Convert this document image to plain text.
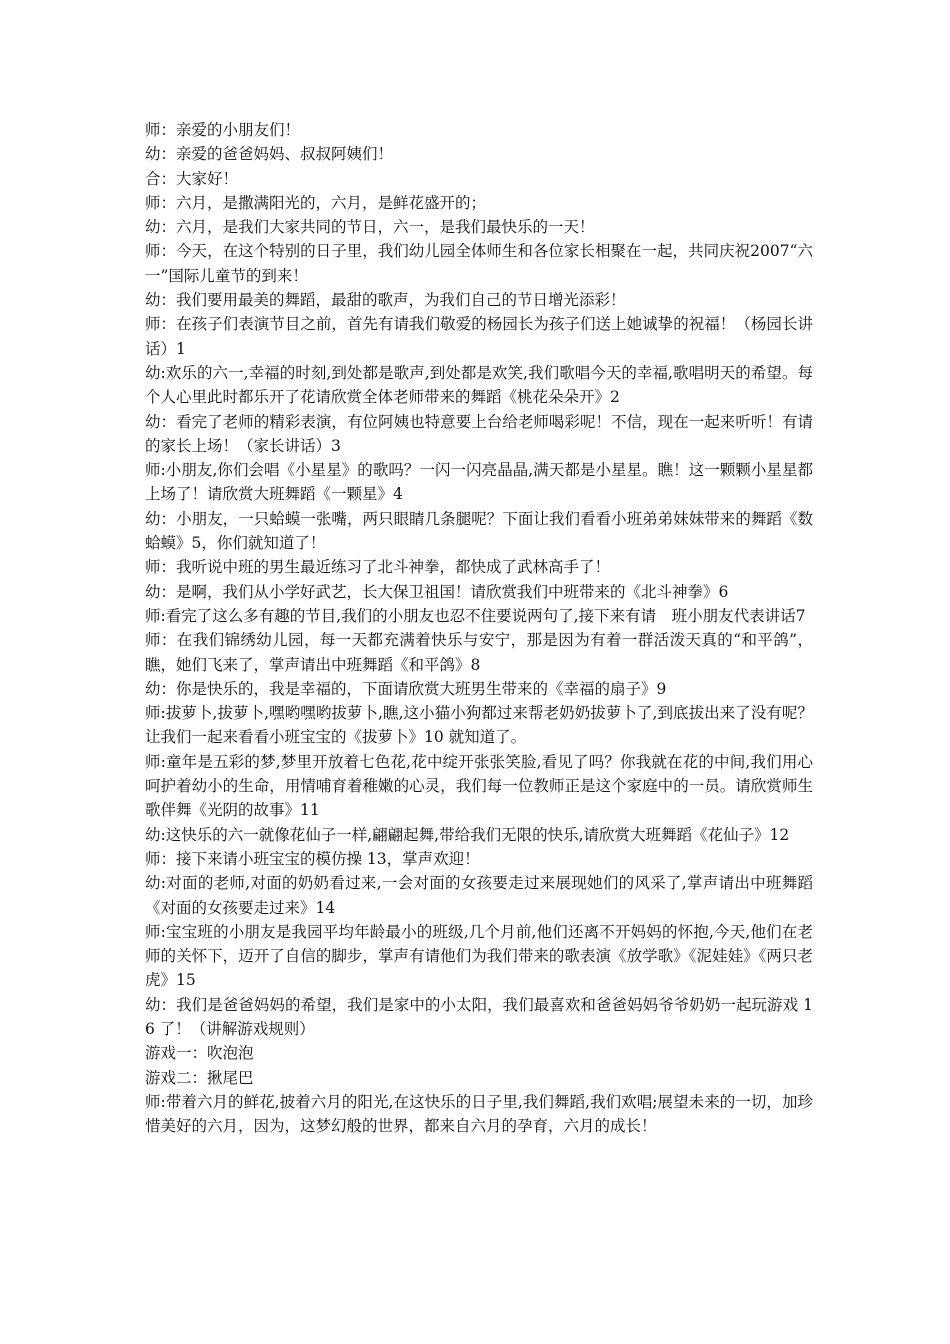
师：亲爱的小朋友们！

幼：亲爱的爸爸妈妈、叔叔阿姨们！

合：大家好！

师：六月，是撒满阳光的，六月，是鲜花盛开的；

幼：六月，是我们大家共同的节日，六一，是我们最快乐的一天！

师：今天，在这个特别的日子里，我们幼儿园全体师生和各位家长相聚在一起，共同庆祝2007“六一”国际儿童节的到来！

幼：我们要用最美的舞蹈，最甜的歌声，为我们自己的节日增光添彩！

师：在孩子们表演节目之前，首先有请我们敬爱的杨园长为孩子们送上她诚挚的祝福！（杨园长讲话）1

幼:欢乐的六一,幸福的时刻,到处都是歌声,到处都是欢笑,我们歌唱今天的幸福,歌唱明天的希望。每个人心里此时都乐开了花请欣赏全体老师带来的舞蹈《桃花朵朵开》2

幼：看完了老师的精彩表演，有位阿姨也特意要上台给老师喝彩呢！不信，现在一起来听听！有请　 的家长上场！（家长讲话）3

师:小朋友,你们会唱《小星星》的歌吗？一闪一闪亮晶晶,满天都是小星星。瞧！这一颗颗小星星都上场了！请欣赏大班舞蹈《一颗星》4

幼：小朋友，一只蛤蟆一张嘴，两只眼睛几条腿呢？下面让我们看看小班弟弟妹妹带来的舞蹈《数蛤蟆》5，你们就知道了！

师：我听说中班的男生最近练习了北斗神拳，都快成了武林高手了！

幼：是啊，我们从小学好武艺，长大保卫祖国！请欣赏我们中班带来的《北斗神拳》6

师:看完了这么多有趣的节目,我们的小朋友也忍不住要说两句了,接下来有请　班小朋友代表讲话7

师：在我们锦绣幼儿园，每一天都充满着快乐与安宁，那是因为有着一群活泼天真的“和平鸽”，瞧，她们飞来了，掌声请出中班舞蹈《和平鸽》8

幼：你是快乐的，我是幸福的，下面请欣赏大班男生带来的《幸福的扇子》9

师:拔萝卜,拔萝卜,嘿哟嘿哟拔萝卜,瞧,这小猫小狗都过来帮老奶奶拔萝卜了,到底拔出来了没有呢？让我们一起来看看小班宝宝的《拔萝卜》10 就知道了。

师:童年是五彩的梦,梦里开放着七色花,花中绽开张张笑脸,看见了吗？你我就在花的中间,我们用心呵护着幼小的生命，用情哺育着稚嫩的心灵，我们每一位教师正是这个家庭中的一员。请欣赏师生歌伴舞《光阴的故事》11

幼:这快乐的六一就像花仙子一样,翩翩起舞,带给我们无限的快乐,请欣赏大班舞蹈《花仙子》12

师：接下来请小班宝宝的模仿操 13，掌声欢迎！

幼:对面的老师,对面的奶奶看过来,一会对面的女孩要走过来展现她们的风采了,掌声请出中班舞蹈《对面的女孩要走过来》14

师:宝宝班的小朋友是我园平均年龄最小的班级,几个月前,他们还离不开妈妈的怀抱,今天,他们在老师的关怀下，迈开了自信的脚步，掌声有请他们为我们带来的歌表演《放学歌》《泥娃娃》《两只老虎》15

幼：我们是爸爸妈妈的希望，我们是家中的小太阳，我们最喜欢和爸爸妈妈爷爷奶奶一起玩游戏 16 了！（讲解游戏规则）

游戏一：吹泡泡

游戏二：揪尾巴

师:带着六月的鲜花,披着六月的阳光,在这快乐的日子里,我们舞蹈,我们欢唱;展望未来的一切，加珍惜美好的六月，因为，这梦幻般的世界，都来自六月的孕育，六月的成长！
